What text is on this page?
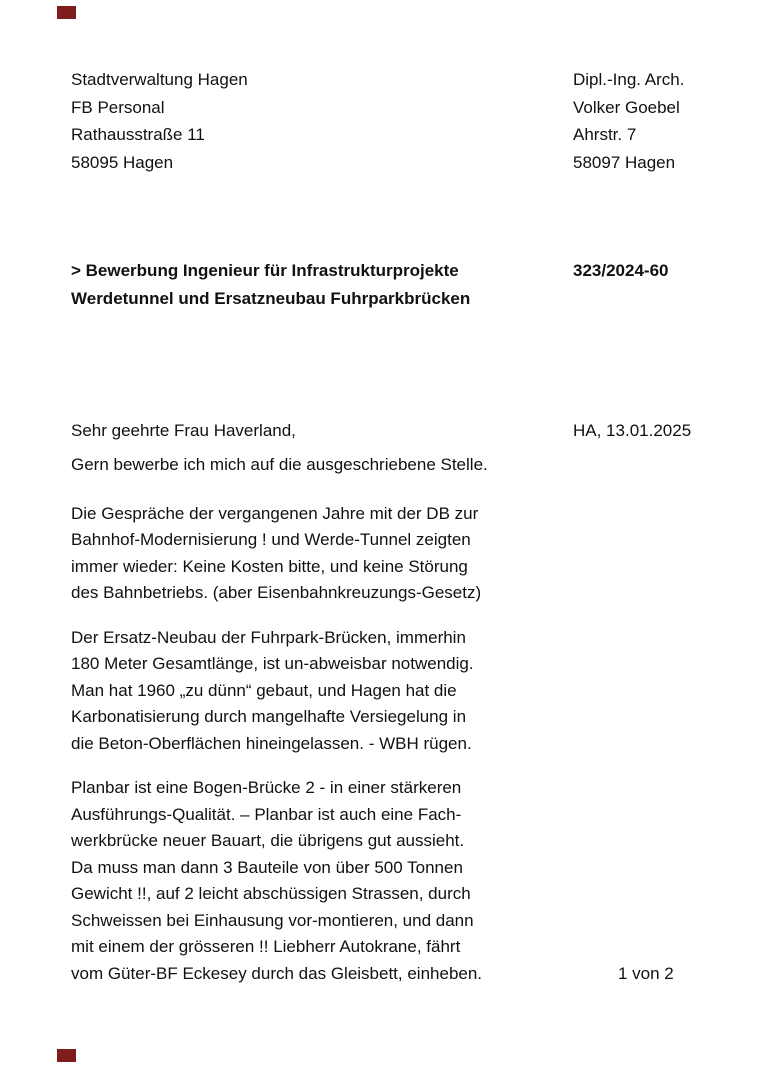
Stadtverwaltung Hagen
FB Personal
Rathausstraße 11
58095 Hagen
Dipl.-Ing. Arch.
Volker Goebel
Ahrstr. 7
58097 Hagen
> Bewerbung Ingenieur für Infrastrukturprojekte	323/2024-60
Werdetunnel und Ersatzneubau Fuhrparkbrücken
Sehr geehrte Frau Haverland,	HA, 13.01.2025
Gern bewerbe ich mich auf die ausgeschriebene Stelle.
Die Gespräche der vergangenen Jahre mit der DB zur
Bahnhof-Modernisierung ! und Werde-Tunnel zeigten
immer wieder: Keine Kosten bitte, und keine Störung
des Bahnbetriebs. (aber Eisenbahnkreuzungs-Gesetz)
Der Ersatz-Neubau der Fuhrpark-Brücken, immerhin
180 Meter Gesamtlänge, ist un-abweisbar notwendig.
Man hat 1960 „zu dünn“ gebaut, und Hagen hat die
Karbonatisierung durch mangelhafte Versiegelung in
die Beton-Oberflächen hineingelassen. - WBH rügen.
Planbar ist eine Bogen-Brücke 2 - in einer stärkeren
Ausführungs-Qualität. – Planbar ist auch eine Fach-
werkbrücke neuer Bauart, die übrigens gut aussieht.
Da muss man dann 3 Bauteile von über 500 Tonnen
Gewicht !!, auf 2 leicht abschüssigen Strassen, durch
Schweissen bei Einhausung vor-montieren, und dann
mit einem der grösseren !! Liebherr Autokrane, fährt
vom Güter-BF Eckesey durch das Gleisbett, einheben.	1 von 2
